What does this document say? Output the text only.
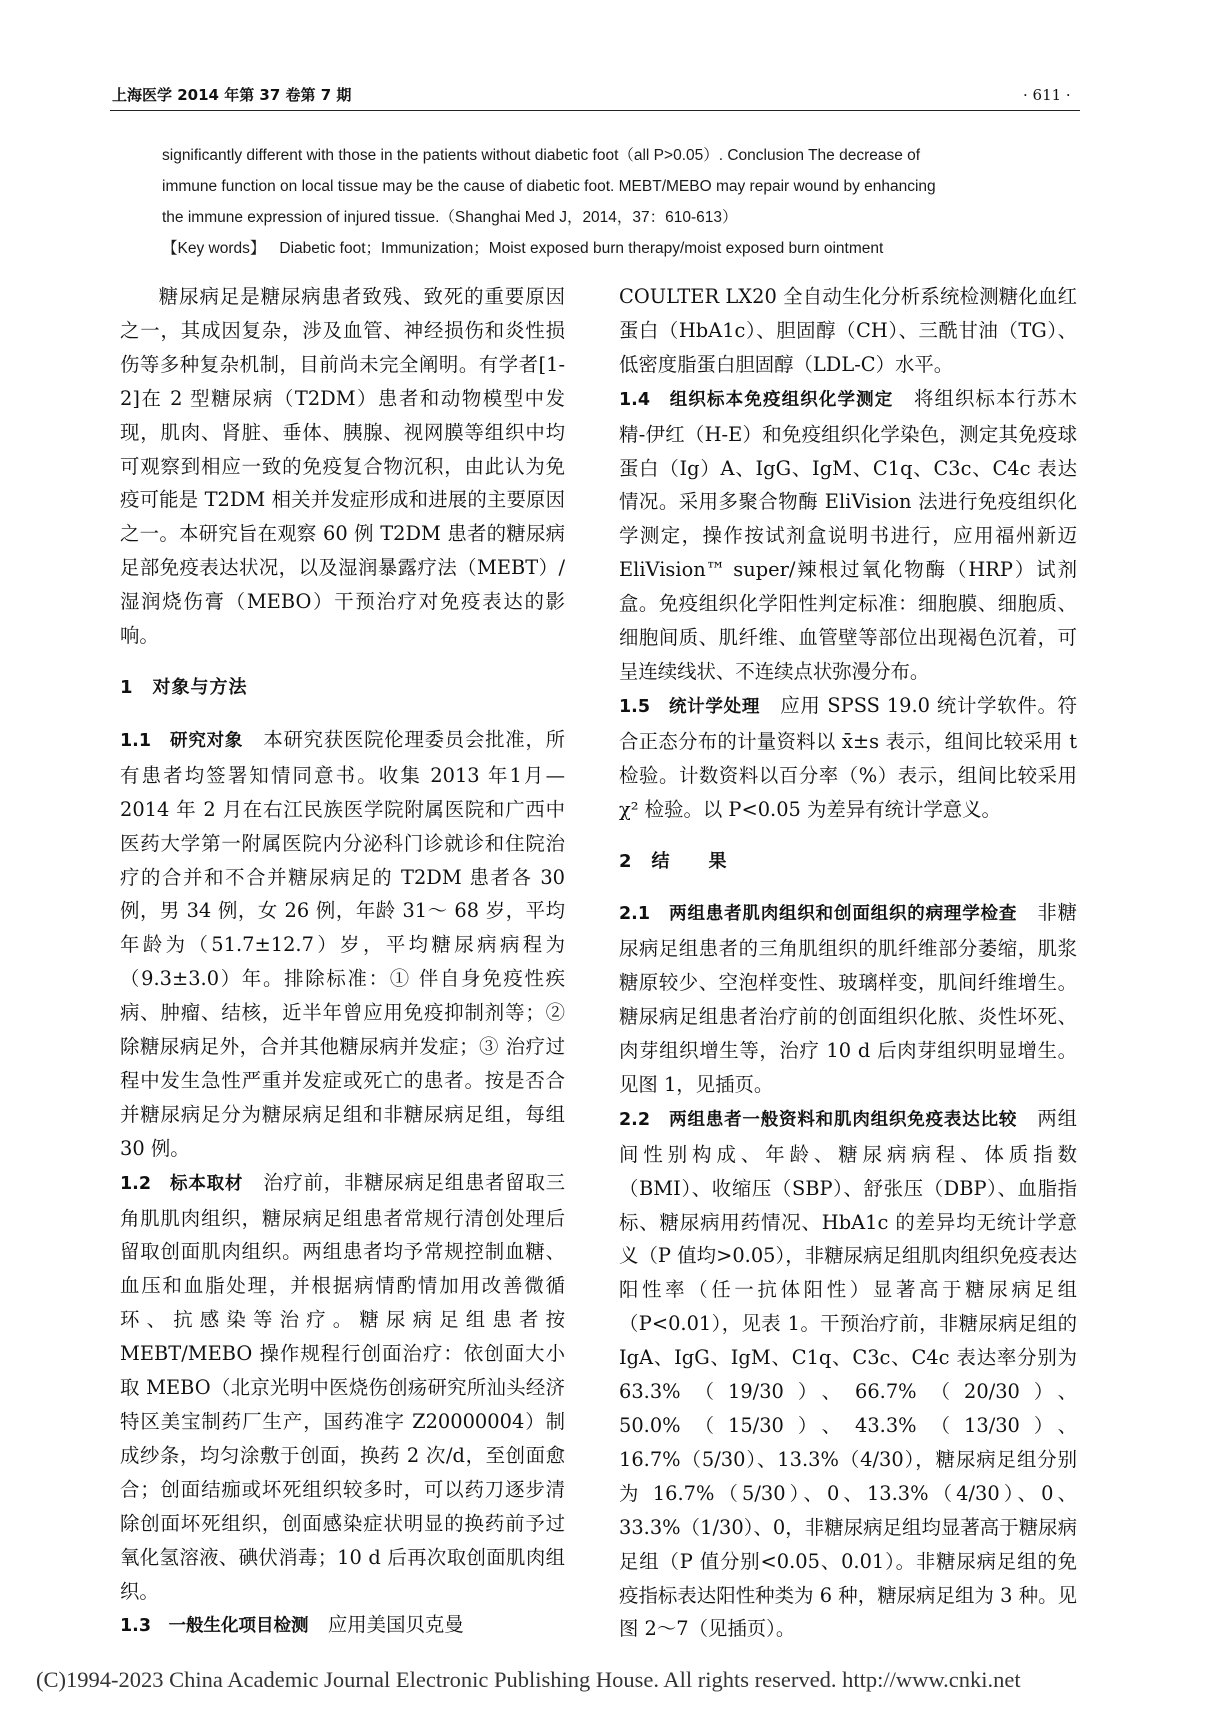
上海医学 2014 年第 37 卷第 7 期	· 611 ·

significantly different with those in the patients without diabetic foot（all P>0.05）. Conclusion The decrease of

immune function on local tissue may be the cause of diabetic foot. MEBT/MEBO may repair wound by enhancing

the immune expression of injured tissue.（Shanghai Med J，2014，37：610-613）

【Key words】 Diabetic foot；Immunization；Moist exposed burn therapy/moist exposed burn ointment

糖尿病足是糖尿病患者致残、致死的重要原因之一，其成因复杂，涉及血管、神经损伤和炎性损伤等多种复杂机制，目前尚未完全阐明。有学者[1-2]在 2 型糖尿病（T2DM）患者和动物模型中发现，肌肉、肾脏、垂体、胰腺、视网膜等组织中均可观察到相应一致的免疫复合物沉积，由此认为免疫可能是 T2DM 相关并发症形成和进展的主要原因之一。本研究旨在观察 60 例 T2DM 患者的糖尿病足部免疫表达状况，以及湿润暴露疗法（MEBT）/湿润烧伤膏（MEBO）干预治疗对免疫表达的影响。

1　对象与方法

1.1　研究对象　 本研究获医院伦理委员会批准，所有患者均签署知情同意书。收集 2013 年1月—2014 年 2 月在右江民族医学院附属医院和广西中医药大学第一附属医院内分泌科门诊就诊和住院治疗的合并和不合并糖尿病足的 T2DM 患者各 30 例，男 34 例，女 26 例，年龄 31～ 68 岁，平均年龄为（51.7±12.7）岁，平均糖尿病病程为（9.3±3.0）年。排除标准：① 伴自身免疫性疾病、肿瘤、结核，近半年曾应用免疫抑制剂等；② 除糖尿病足外，合并其他糖尿病并发症；③ 治疗过程中发生急性严重并发症或死亡的患者。按是否合并糖尿病足分为糖尿病足组和非糖尿病足组，每组 30 例。

1.2　标本取材　 治疗前，非糖尿病足组患者留取三角肌肌肉组织，糖尿病足组患者常规行清创处理后留取创面肌肉组织。两组患者均予常规控制血糖、血压和血脂处理，并根据病情酌情加用改善微循环、抗感染等治疗。糖尿病足组患者按 MEBT/MEBO 操作规程行创面治疗：依创面大小取 MEBO（北京光明中医烧伤创疡研究所汕头经济特区美宝制药厂生产，国药准字 Z20000004）制成纱条，均匀涂敷于创面，换药 2 次/d，至创面愈合；创面结痂或坏死组织较多时，可以药刀逐步清除创面坏死组织，创面感染症状明显的换药前予过氧化氢溶液、碘伏消毒；10 d 后再次取创面肌肉组织。

1.3　一般生化项目检测　 应用美国贝克曼

COULTER LX20 全自动生化分析系统检测糖化血红蛋白（HbA1c）、胆固醇（CH）、三酰甘油（TG）、低密度脂蛋白胆固醇（LDL-C）水平。

1.4　组织标本免疫组织化学测定　 将组织标本行苏木精-伊红（H-E）和免疫组织化学染色，测定其免疫球蛋白（Ig）A、IgG、IgM、C1q、C3c、C4c 表达情况。采用多聚合物酶 EliVision 法进行免疫组织化学测定，操作按试剂盒说明书进行，应用福州新迈 EliVision™ super/辣根过氧化物酶（HRP）试剂盒。免疫组织化学阳性判定标准：细胞膜、细胞质、细胞间质、肌纤维、血管壁等部位出现褐色沉着，可呈连续线状、不连续点状弥漫分布。

1.5　统计学处理　 应用 SPSS 19.0 统计学软件。符合正态分布的计量资料以 x̄±s 表示，组间比较采用 t 检验。计数资料以百分率（%）表示，组间比较采用χ² 检验。以 P<0.05 为差异有统计学意义。

2　结　　果

2.1　两组患者肌肉组织和创面组织的病理学检查　 非糖尿病足组患者的三角肌组织的肌纤维部分萎缩，肌浆糖原较少、空泡样变性、玻璃样变，肌间纤维增生。糖尿病足组患者治疗前的创面组织化脓、炎性坏死、肉芽组织增生等，治疗 10 d 后肉芽组织明显增生。见图 1，见插页。

2.2　两组患者一般资料和肌肉组织免疫表达比较　 两组间性别构成、年龄、糖尿病病程、体质指数（BMI）、收缩压（SBP）、舒张压（DBP）、血脂指标、糖尿病用药情况、HbA1c 的差异均无统计学意义（P 值均>0.05），非糖尿病足组肌肉组织免疫表达阳性率（任一抗体阳性）显著高于糖尿病足组（P<0.01），见表 1。干预治疗前，非糖尿病足组的 IgA、IgG、IgM、C1q、C3c、C4c 表达率分别为 63.3%（19/30）、66.7%（20/30）、50.0%（15/30）、43.3%（13/30）、16.7%（5/30）、13.3%（4/30），糖尿病足组分别为 16.7%（5/30）、0、13.3%（4/30）、0、33.3%（1/30）、0，非糖尿病足组均显著高于糖尿病足组（P 值分别<0.05、0.01）。非糖尿病足组的免疫指标表达阳性种类为 6 种，糖尿病足组为 3 种。见图 2～7（见插页）。

(C)1994-2023 China Academic Journal Electronic Publishing House. All rights reserved. http://www.cnki.net
